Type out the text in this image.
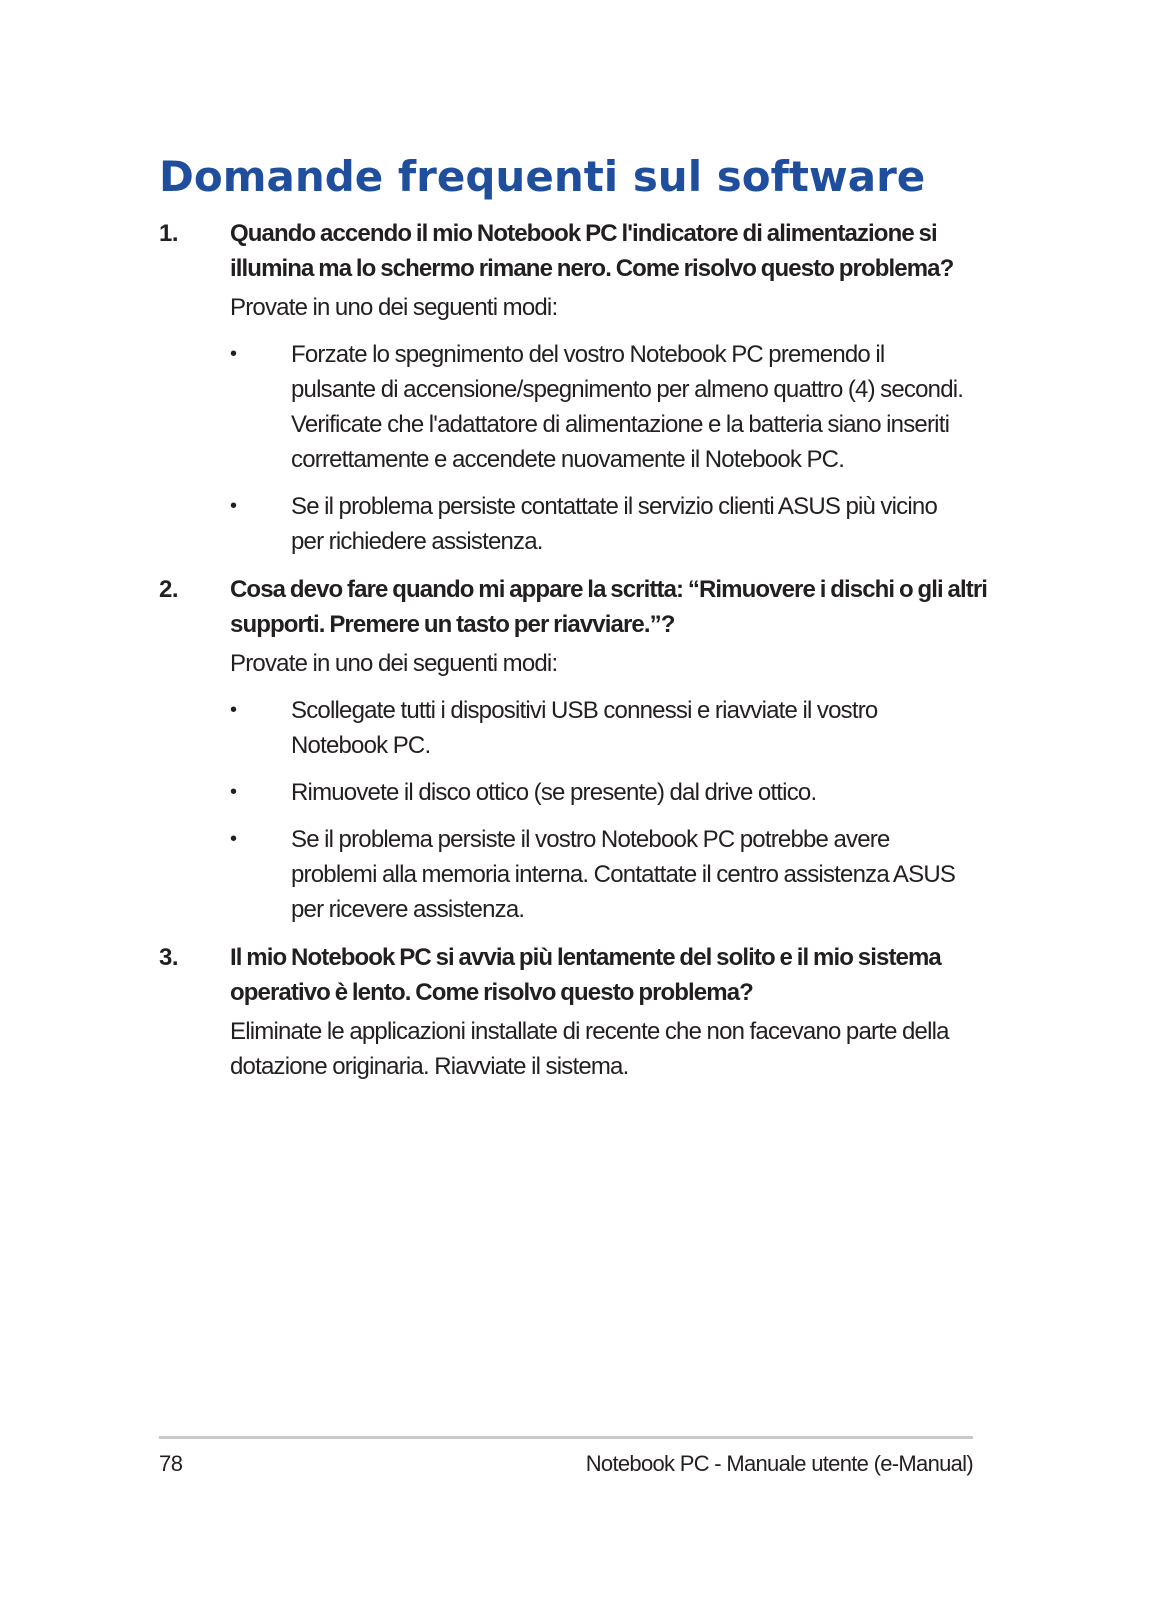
Domande frequenti sul software
1. Quando accendo il mio Notebook PC l'indicatore di alimentazione si illumina ma lo schermo rimane nero. Come risolvo questo problema?

Provate in uno dei seguenti modi:

• Forzate lo spegnimento del vostro Notebook PC premendo il pulsante di accensione/spegnimento per almeno quattro (4) secondi. Verificate che l'adattatore di alimentazione e la batteria siano inseriti correttamente e accendete nuovamente il Notebook PC.
• Se il problema persiste contattate il servizio clienti ASUS più vicino per richiedere assistenza.
2. Cosa devo fare quando mi appare la scritta: “Rimuovere i dischi o gli altri supporti. Premere un tasto per riavviare.”?

Provate in uno dei seguenti modi:

• Scollegate tutti i dispositivi USB connessi e riavviate il vostro Notebook PC.
• Rimuovete il disco ottico (se presente) dal drive ottico.
• Se il problema persiste il vostro Notebook PC potrebbe avere problemi alla memoria interna. Contattate il centro assistenza ASUS per ricevere assistenza.
3. Il mio Notebook PC si avvia più lentamente del solito e il mio sistema operativo è lento. Come risolvo questo problema?

Eliminate le applicazioni installate di recente che non facevano parte della dotazione originaria. Riavviate il sistema.

78	Notebook PC - Manuale utente (e-Manual)
